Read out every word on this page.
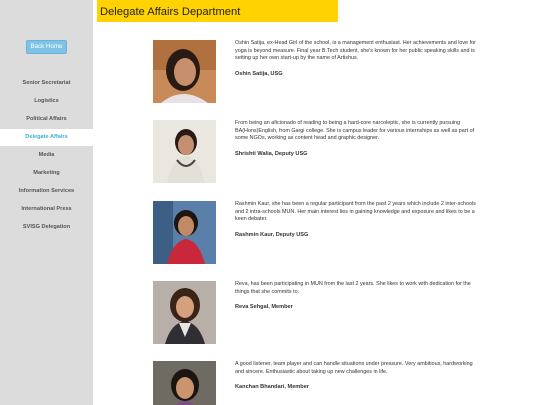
Back Home
Senior Secretariat
Logistics
Political Affairs
Delegate Affairs
Media
Marketing
Information Services
International Press
SVISG Delegation
Delegate Affairs Department
Oshin Satija, ex-Head Girl of the school, is a management enthusiast. Her achievements and love for yoga is beyond measure. Final year B.Tech student, she's known for her public speaking skills and is setting up her own start-up by the name of Artishus.
Oshin Satija, USG
From being an aficionado of reading to being a hard-core narcoleptic, she is currently pursuing BA(Hons)English, from Gargi college. She is campus leader for various internships as well as part of some NGOs, working as content head and graphic designer.
Shrishti Walia, Deputy USG
Rashmin Kaur, she has been a regular participant from the past 2 years which include 2 inter-schools and 2 intra-schools MUN. Her main interest lies in gaining knowledge and exposure and likes to be a keen debater.
Rashmin Kaur, Deputy USG
Reva, has been participating in MUN from the last 2 years. She likes to work with dedication for the things that she commits to.
Reva Sehgal, Member
A good listener, team player and can handle situations under pressure. Very ambitious, hardworking and sincere. Enthusiastic about taking up new challenges in life.
Kanchan Bhandari, Member
